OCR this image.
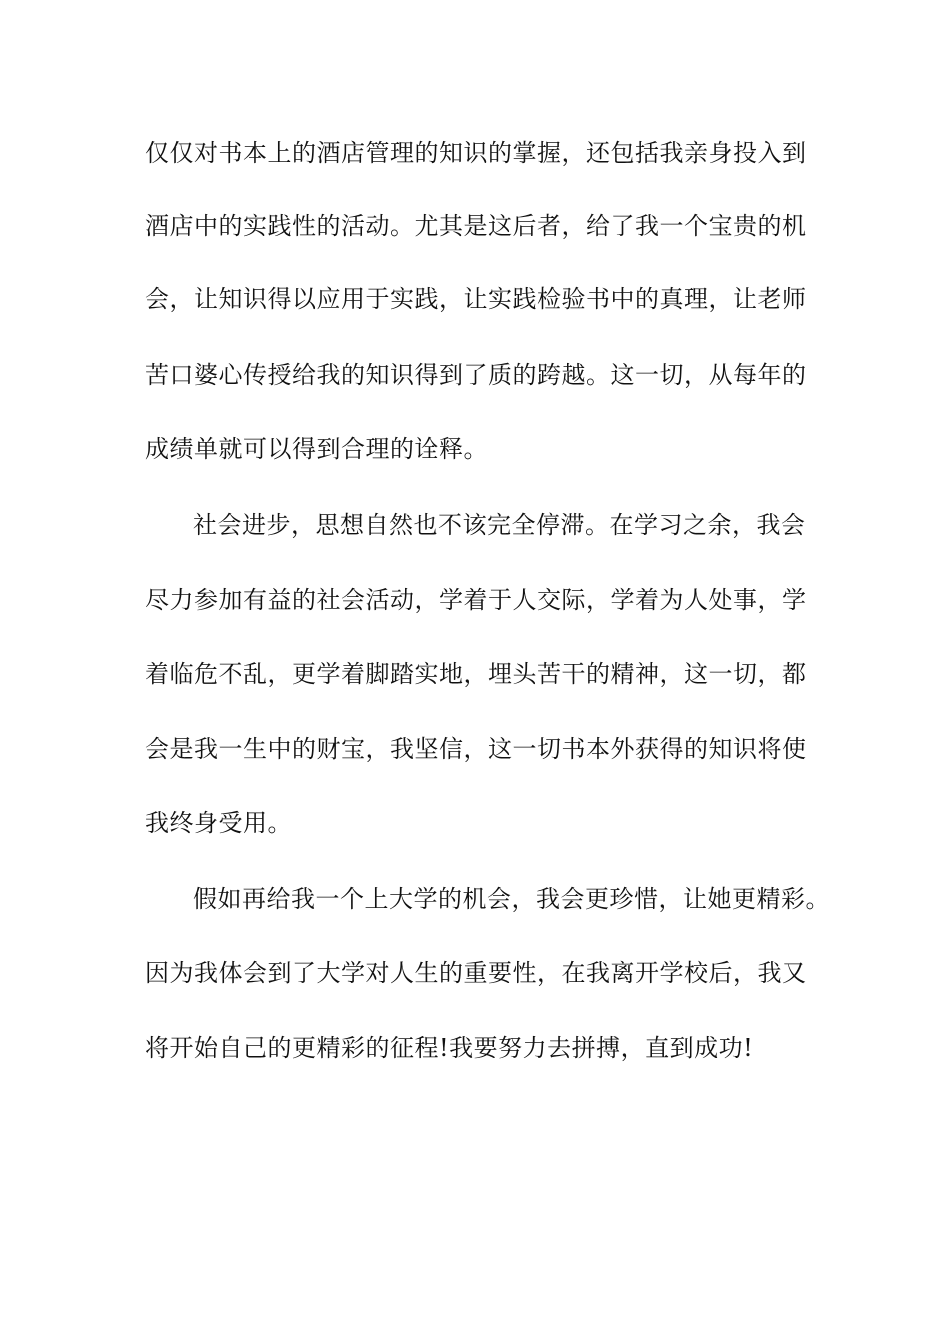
仅仅对书本上的酒店管理的知识的掌握，还包括我亲身投入到
酒店中的实践性的活动。尤其是这后者，给了我一个宝贵的机
会，让知识得以应用于实践，让实践检验书中的真理，让老师
苦口婆心传授给我的知识得到了质的跨越。这一切，从每年的
成绩单就可以得到合理的诠释。
社会进步，思想自然也不该完全停滞。在学习之余，我会
尽力参加有益的社会活动，学着于人交际，学着为人处事，学
着临危不乱，更学着脚踏实地，埋头苦干的精神，这一切，都
会是我一生中的财宝，我坚信，这一切书本外获得的知识将使
我终身受用。
假如再给我一个上大学的机会，我会更珍惜，让她更精彩。
因为我体会到了大学对人生的重要性，在我离开学校后，我又
将开始自己的更精彩的征程!我要努力去拼搏，直到成功!
